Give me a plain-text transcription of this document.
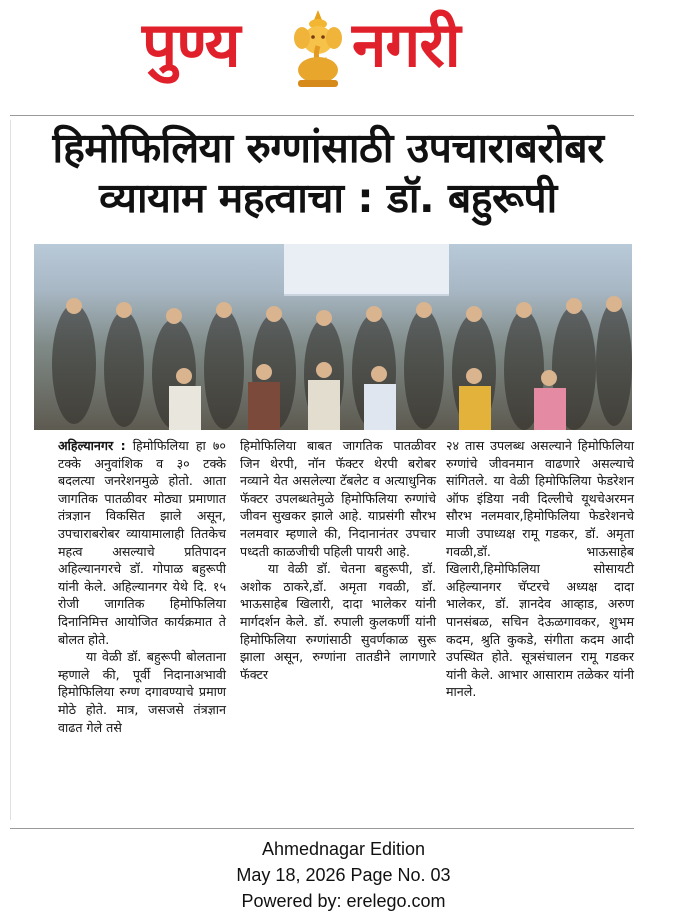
पुण्य नगरी
हिमोफिलिया रुग्णांसाठी उपचाराबरोबर
व्यायाम महत्वाचा : डॉ. बहुरूपी

अहिल्यानगर : हिमोफिलिया हा ७० टक्के अनुवांशिक व ३० टक्के बदलत्या जनरेशनमुळे होतो. आता जागतिक पातळीवर मोठ्या प्रमाणात तंत्रज्ञान विकसित झाले असून, उपचाराबरोबर व्यायामालाही तितकेच महत्व असल्याचे प्रतिपादन अहिल्यानगरचे डॉ. गोपाळ बहुरूपी यांनी केले. अहिल्यानगर येथे दि. १५ रोजी जागतिक हिमोफिलिया दिनानिमित्त आयोजित कार्यक्रमात ते बोलत होते.

या वेळी डॉ. बहुरूपी बोलताना म्हणाले की, पूर्वी निदानाअभावी हिमोफिलिया रुग्ण दगावण्याचे प्रमाण मोठे होते. मात्र, जसजसे तंत्रज्ञान वाढत गेले तसे

हिमोफिलिया बाबत जागतिक पातळीवर जिन थेरपी, नॉन फॅक्टर थेरपी बरोबर नव्याने येत असलेल्या टॅबलेट व अत्याधुनिक फॅक्टर उपलब्धतेमुळे हिमोफिलिया रुग्णांचे जीवन सुखकर झाले आहे. याप्रसंगी सौरभ नलमवार म्हणाले की, निदानानंतर उपचार पध्दती काळजीची पहिली पायरी आहे.

या वेळी डॉ. चेतना बहुरूपी, डॉ. अशोक ठाकरे,डॉ. अमृता गवळी, डॉ. भाऊसाहेब खिलारी, दादा भालेकर यांनी मार्गदर्शन केले. डॉ. रुपाली कुलकर्णी यांनी हिमोफिलिया रुग्णांसाठी सुवर्णकाळ सुरू झाला असून, रुग्णांना तातडीने लागणारे फॅक्टर

२४ तास उपलब्ध असल्याने हिमोफिलिया रुग्णांचे जीवनमान वाढणारे असल्याचे सांगितले. या वेळी हिमोफिलिया फेडरेशन ऑफ इंडिया नवी दिल्लीचे यूथचेअरमन सौरभ नलमवार,हिमोफिलिया फेडरेशनचे माजी उपाध्यक्ष रामू गडकर, डॉ. अमृता गवळी,डॉ. भाऊसाहेब खिलारी,हिमोफिलिया सोसायटी अहिल्यानगर चॅप्टरचे अध्यक्ष दादा भालेकर, डॉ. ज्ञानदेव आव्हाड, अरुण पानसंबळ, सचिन देऊळगावकर, शुभम कदम, श्रुति कुकडे, संगीता कदम आदी उपस्थित होते. सूत्रसंचालन रामू गडकर यांनी केले. आभार आसाराम तळेकर यांनी मानले.

Ahmednagar Edition
May 18, 2026 Page No. 03
Powered by: erelego.com
